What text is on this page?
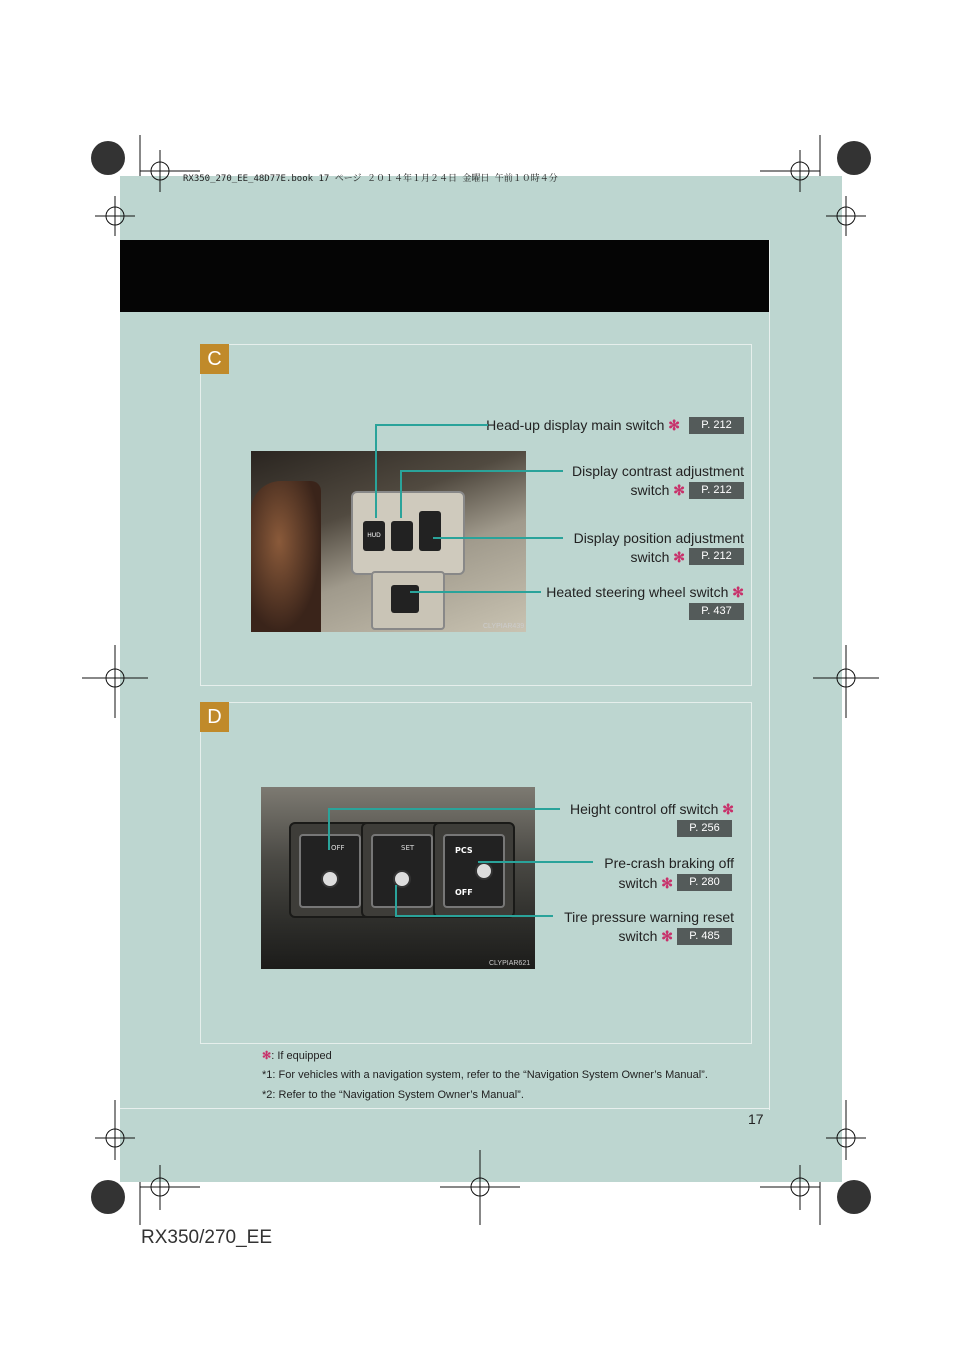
RX350_270_EE_48D77E.book 17 ページ ２０１４年１月２４日 金曜日 午前１０時４分
C
HUD
CLYPIAR439
Head-up display main switch ✻	P. 212
Display contrast adjustment
switch ✻	P. 212
Display position adjustment
switch ✻	P. 212
Heated steering wheel switch ✻
P. 437
D
OFF	SET	PCS
OFF
CLYPIAR621
Height control off switch ✻
P. 256
Pre-crash braking off
switch ✻	P. 280
Tire pressure warning reset
switch ✻	P. 485
✻: If equipped
*1: For vehicles with a navigation system, refer to the “Navigation System Owner’s Manual”.
*2: Refer to the “Navigation System Owner’s Manual”.
17
RX350/270_EE
